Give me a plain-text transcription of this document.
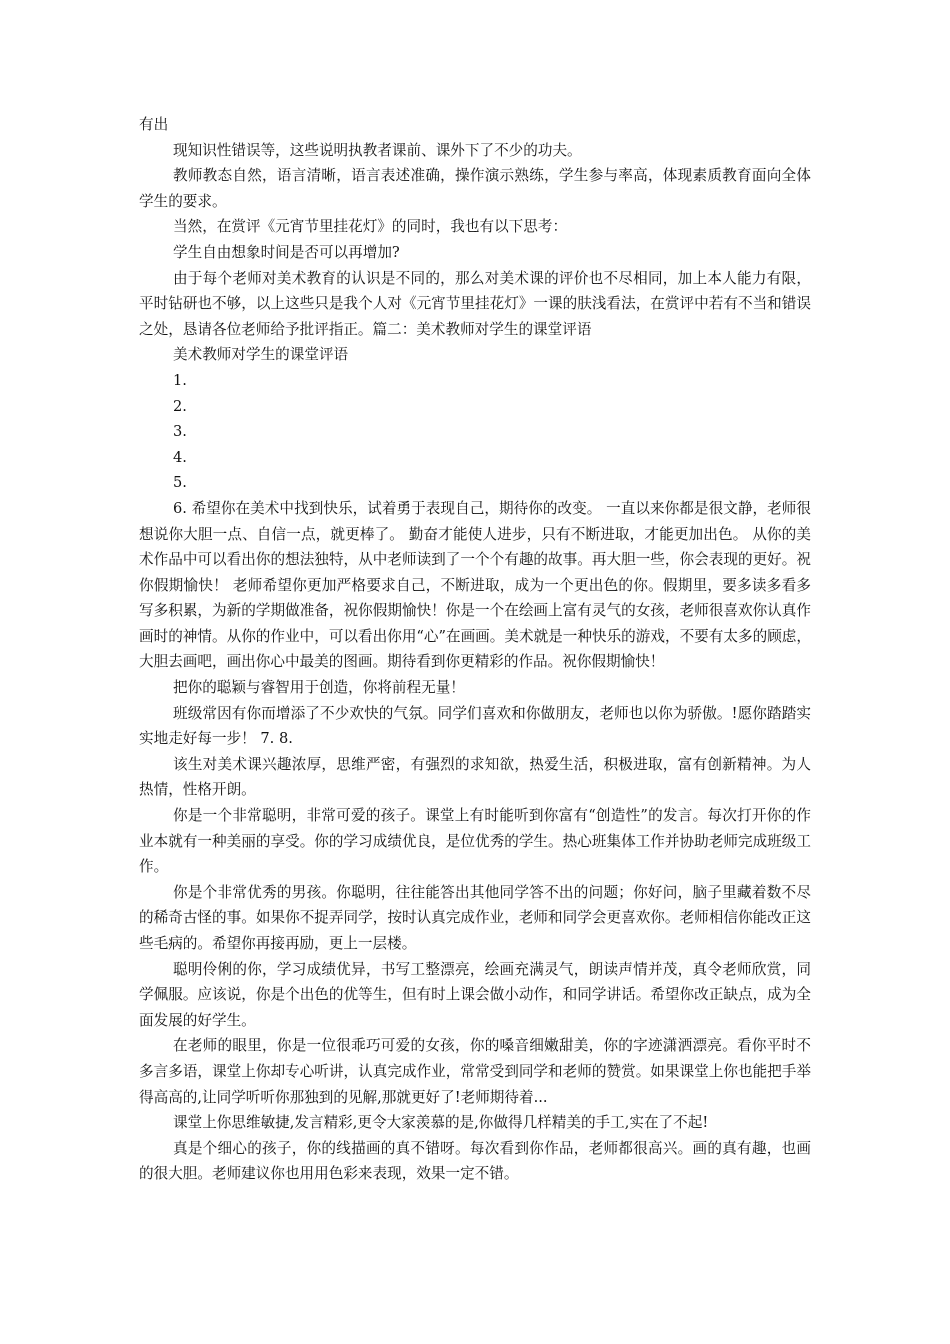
有出

现知识性错误等，这些说明执教者课前、课外下了不少的功夫。

教师教态自然，语言清晰，语言表述准确，操作演示熟练，学生参与率高，体现素质教育面向全体学生的要求。

当然，在赏评《元宵节里挂花灯》的同时，我也有以下思考：

学生自由想象时间是否可以再增加?

由于每个老师对美术教育的认识是不同的，那么对美术课的评价也不尽相同，加上本人能力有限，平时钻研也不够，以上这些只是我个人对《元宵节里挂花灯》一课的肤浅看法，在赏评中若有不当和错误之处，恳请各位老师给予批评指正。篇二：美术教师对学生的课堂评语

美术教师对学生的课堂评语

1.

2.

3.

4.

5.

6. 希望你在美术中找到快乐，试着勇于表现自己，期待你的改变。 一直以来你都是很文静，老师很想说你大胆一点、自信一点，就更棒了。 勤奋才能使人进步，只有不断进取，才能更加出色。 从你的美术作品中可以看出你的想法独特，从中老师读到了一个个有趣的故事。再大胆一些，你会表现的更好。祝你假期愉快！ 老师希望你更加严格要求自己，不断进取，成为一个更出色的你。假期里，要多读多看多写多积累，为新的学期做准备，祝你假期愉快！你是一个在绘画上富有灵气的女孩，老师很喜欢你认真作画时的神情。从你的作业中，可以看出你用“心”在画画。美术就是一种快乐的游戏，不要有太多的顾虑，大胆去画吧，画出你心中最美的图画。期待看到你更精彩的作品。祝你假期愉快！

把你的聪颖与睿智用于创造，你将前程无量！

班级常因有你而增添了不少欢快的气氛。同学们喜欢和你做朋友，老师也以你为骄傲。!愿你踏踏实实地走好每一步！ 7. 8.

该生对美术课兴趣浓厚，思维严密，有强烈的求知欲，热爱生活，积极进取，富有创新精神。为人热情，性格开朗。

你是一个非常聪明，非常可爱的孩子。课堂上有时能听到你富有“创造性”的发言。每次打开你的作业本就有一种美丽的享受。你的学习成绩优良，是位优秀的学生。热心班集体工作并协助老师完成班级工作。

你是个非常优秀的男孩。你聪明，往往能答出其他同学答不出的问题；你好问，脑子里藏着数不尽的稀奇古怪的事。如果你不捉弄同学，按时认真完成作业，老师和同学会更喜欢你。老师相信你能改正这些毛病的。希望你再接再励，更上一层楼。

聪明伶俐的你，学习成绩优异，书写工整漂亮，绘画充满灵气，朗读声情并茂，真令老师欣赏，同学佩服。应该说，你是个出色的优等生，但有时上课会做小动作，和同学讲话。希望你改正缺点，成为全面发展的好学生。

在老师的眼里，你是一位很乖巧可爱的女孩，你的嗓音细嫩甜美，你的字迹潇洒漂亮。看你平时不多言多语，课堂上你却专心听讲，认真完成作业，常常受到同学和老师的赞赏。如果课堂上你也能把手举得高高的,让同学听听你那独到的见解,那就更好了!老师期待着...

课堂上你思维敏捷,发言精彩,更令大家羡慕的是,你做得几样精美的手工,实在了不起!

真是个细心的孩子，你的线描画的真不错呀。每次看到你作品，老师都很高兴。画的真有趣，也画的很大胆。老师建议你也用用色彩来表现，效果一定不错。
